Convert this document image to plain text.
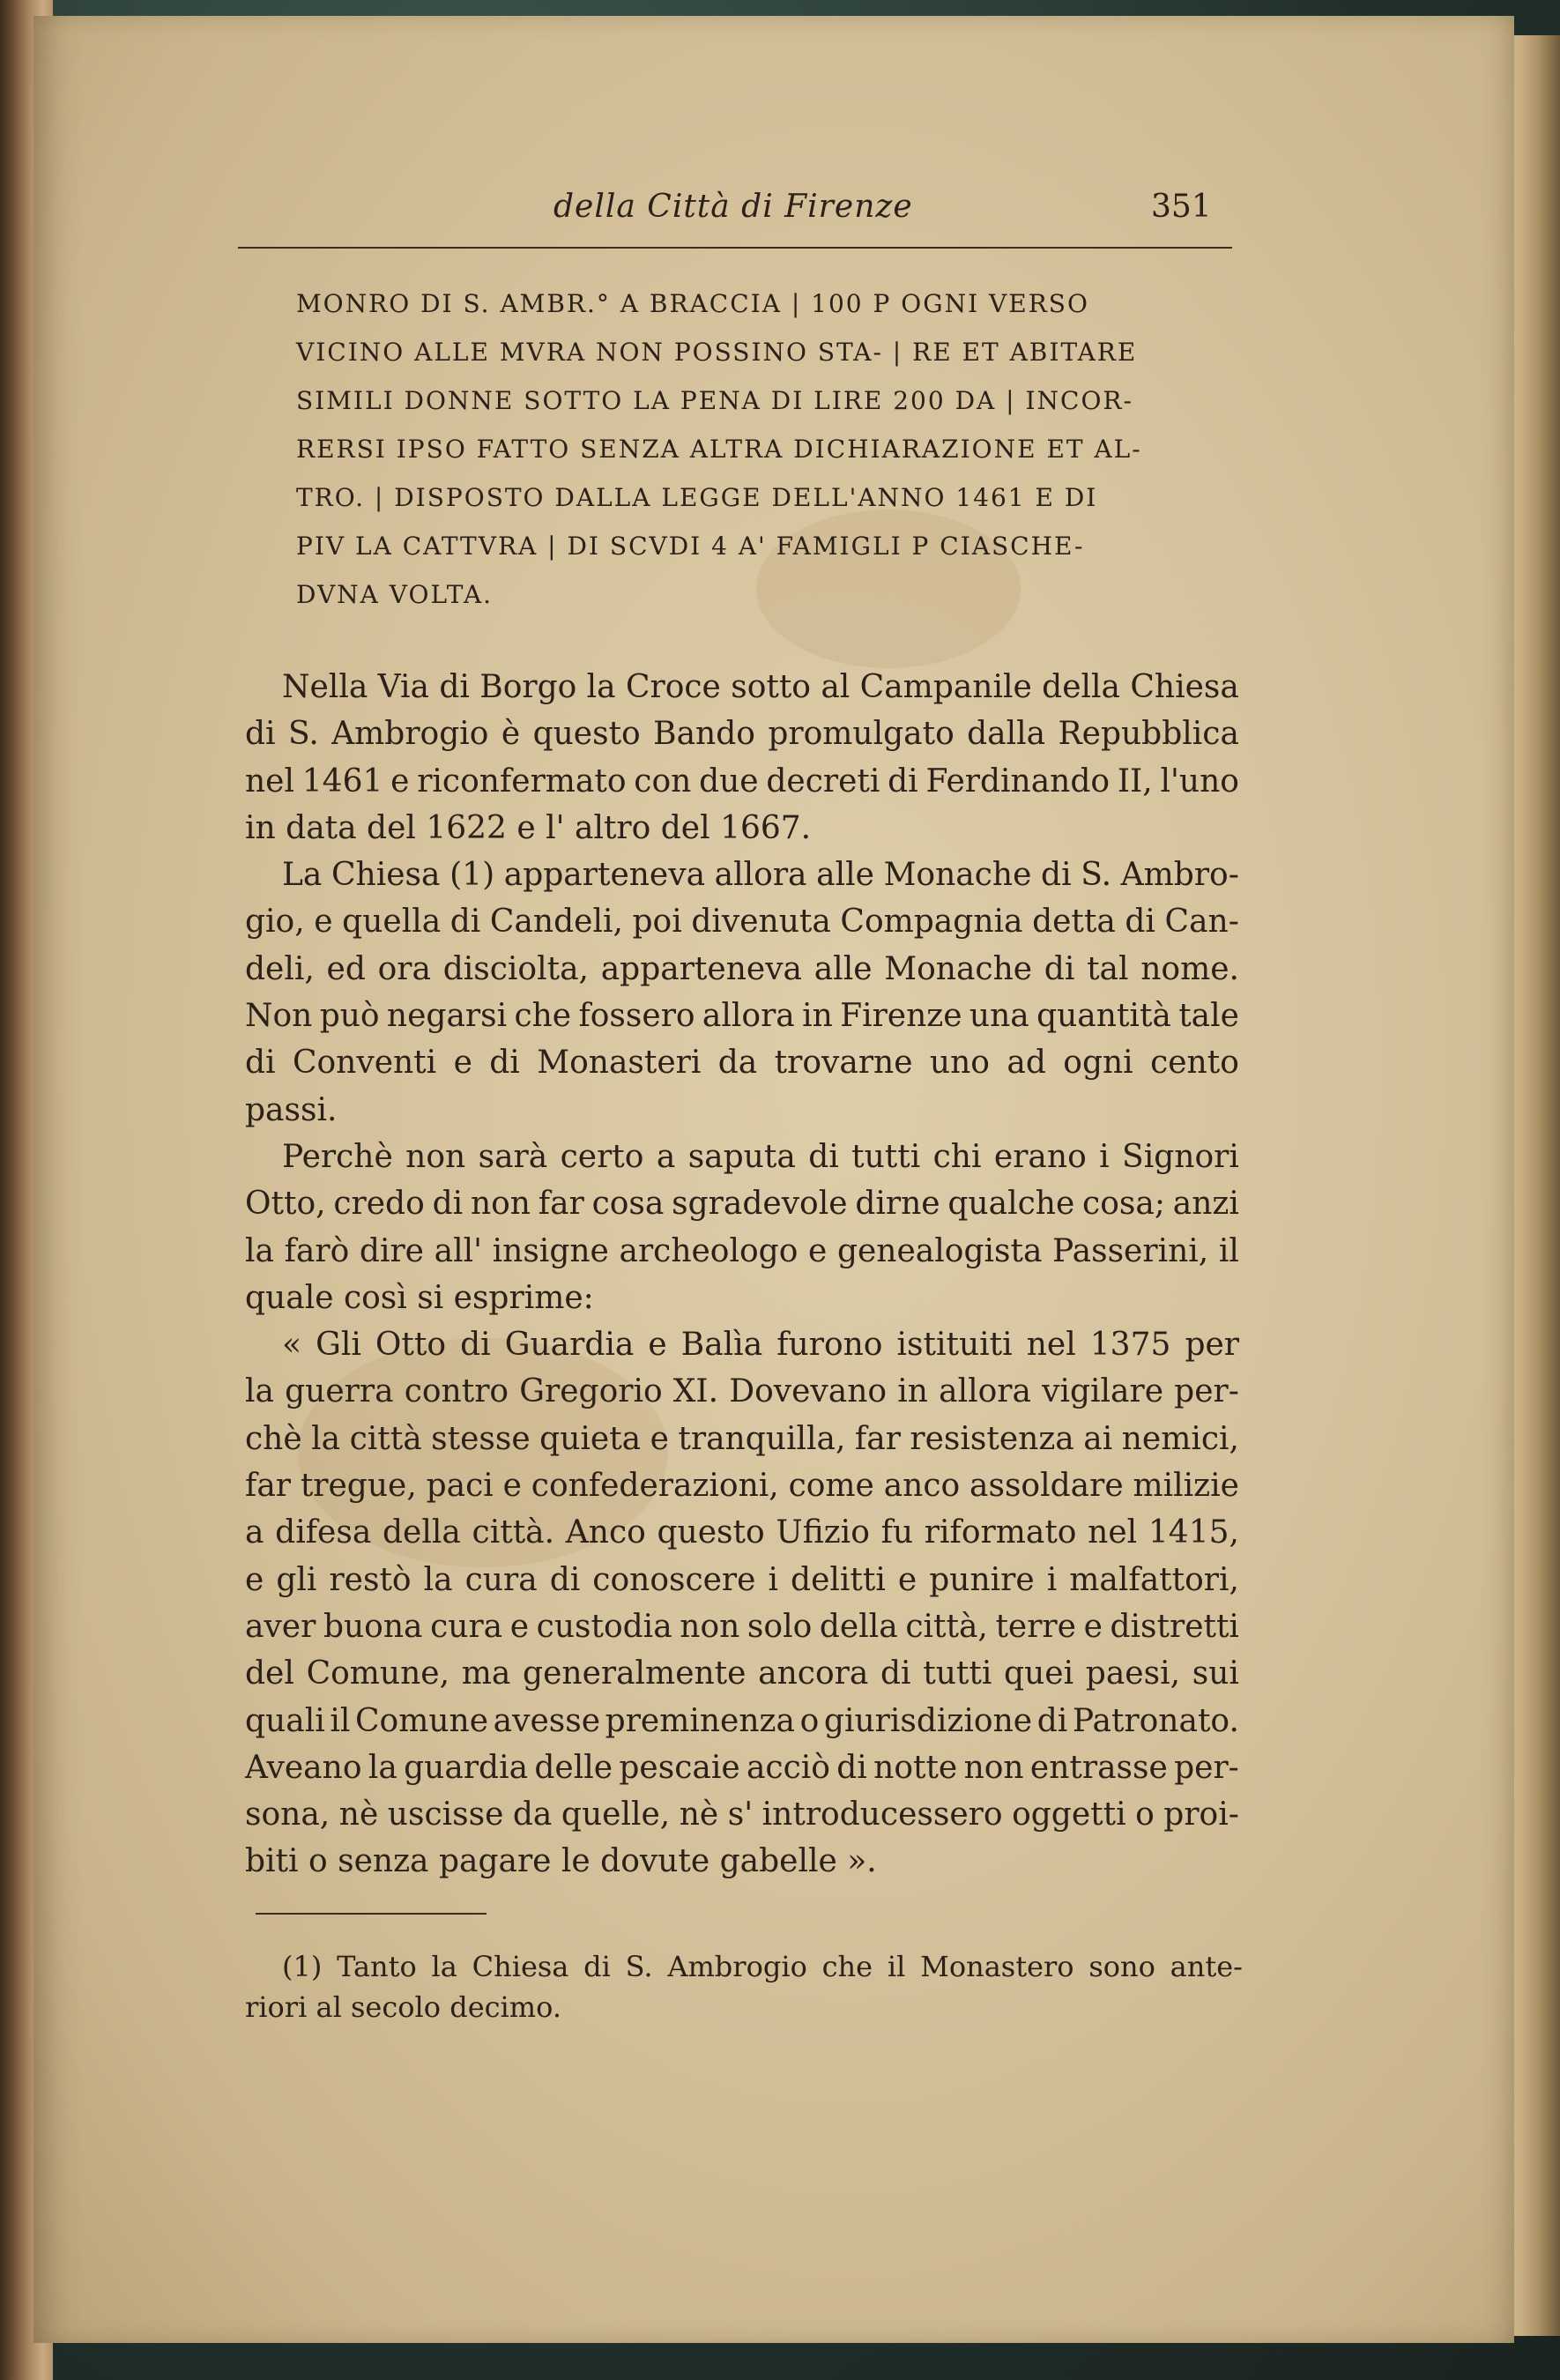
della Città di Firenze	351
MONRO DI S. AMBR.° A BRACCIA | 100 P OGNI VERSO
VICINO ALLE MVRA NON POSSINO STA- | RE ET ABITARE
SIMILI DONNE SOTTO LA PENA DI LIRE 200 DA | INCOR-
RERSI IPSO FATTO SENZA ALTRA DICHIARAZIONE ET AL-
TRO. | DISPOSTO DALLA LEGGE DELL'ANNO 1461 E DI
PIV LA CATTVRA | DI SCVDI 4 A' FAMIGLI P CIASCHE-
DVNA VOLTA.
Nella Via di Borgo la Croce sotto al Campanile della Chiesa
di S. Ambrogio è questo Bando promulgato dalla Repubblica
nel 1461 e riconfermato con due decreti di Ferdinando II, l'uno
in data del 1622 e l' altro del 1667.
La Chiesa (1) apparteneva allora alle Monache di S. Ambro-
gio, e quella di Candeli, poi divenuta Compagnia detta di Can-
deli, ed ora disciolta, apparteneva alle Monache di tal nome.
Non può negarsi che fossero allora in Firenze una quantità tale
di Conventi e di Monasteri da trovarne uno ad ogni cento
passi.
Perchè non sarà certo a saputa di tutti chi erano i Signori
Otto, credo di non far cosa sgradevole dirne qualche cosa; anzi
la farò dire all' insigne archeologo e genealogista Passerini, il
quale così si esprime:
« Gli Otto di Guardia e Balìa furono istituiti nel 1375 per
la guerra contro Gregorio XI. Dovevano in allora vigilare per-
chè la città stesse quieta e tranquilla, far resistenza ai nemici,
far tregue, paci e confederazioni, come anco assoldare milizie
a difesa della città. Anco questo Ufizio fu riformato nel 1415,
e gli restò la cura di conoscere i delitti e punire i malfattori,
aver buona cura e custodia non solo della città, terre e distretti
del Comune, ma generalmente ancora di tutti quei paesi, sui
quali il Comune avesse preminenza o giurisdizione di Patronato.
Aveano la guardia delle pescaie acciò di notte non entrasse per-
sona, nè uscisse da quelle, nè s' introducessero oggetti o proi-
biti o senza pagare le dovute gabelle ».
(1) Tanto la Chiesa di S. Ambrogio che il Monastero sono ante-
riori al secolo decimo.
